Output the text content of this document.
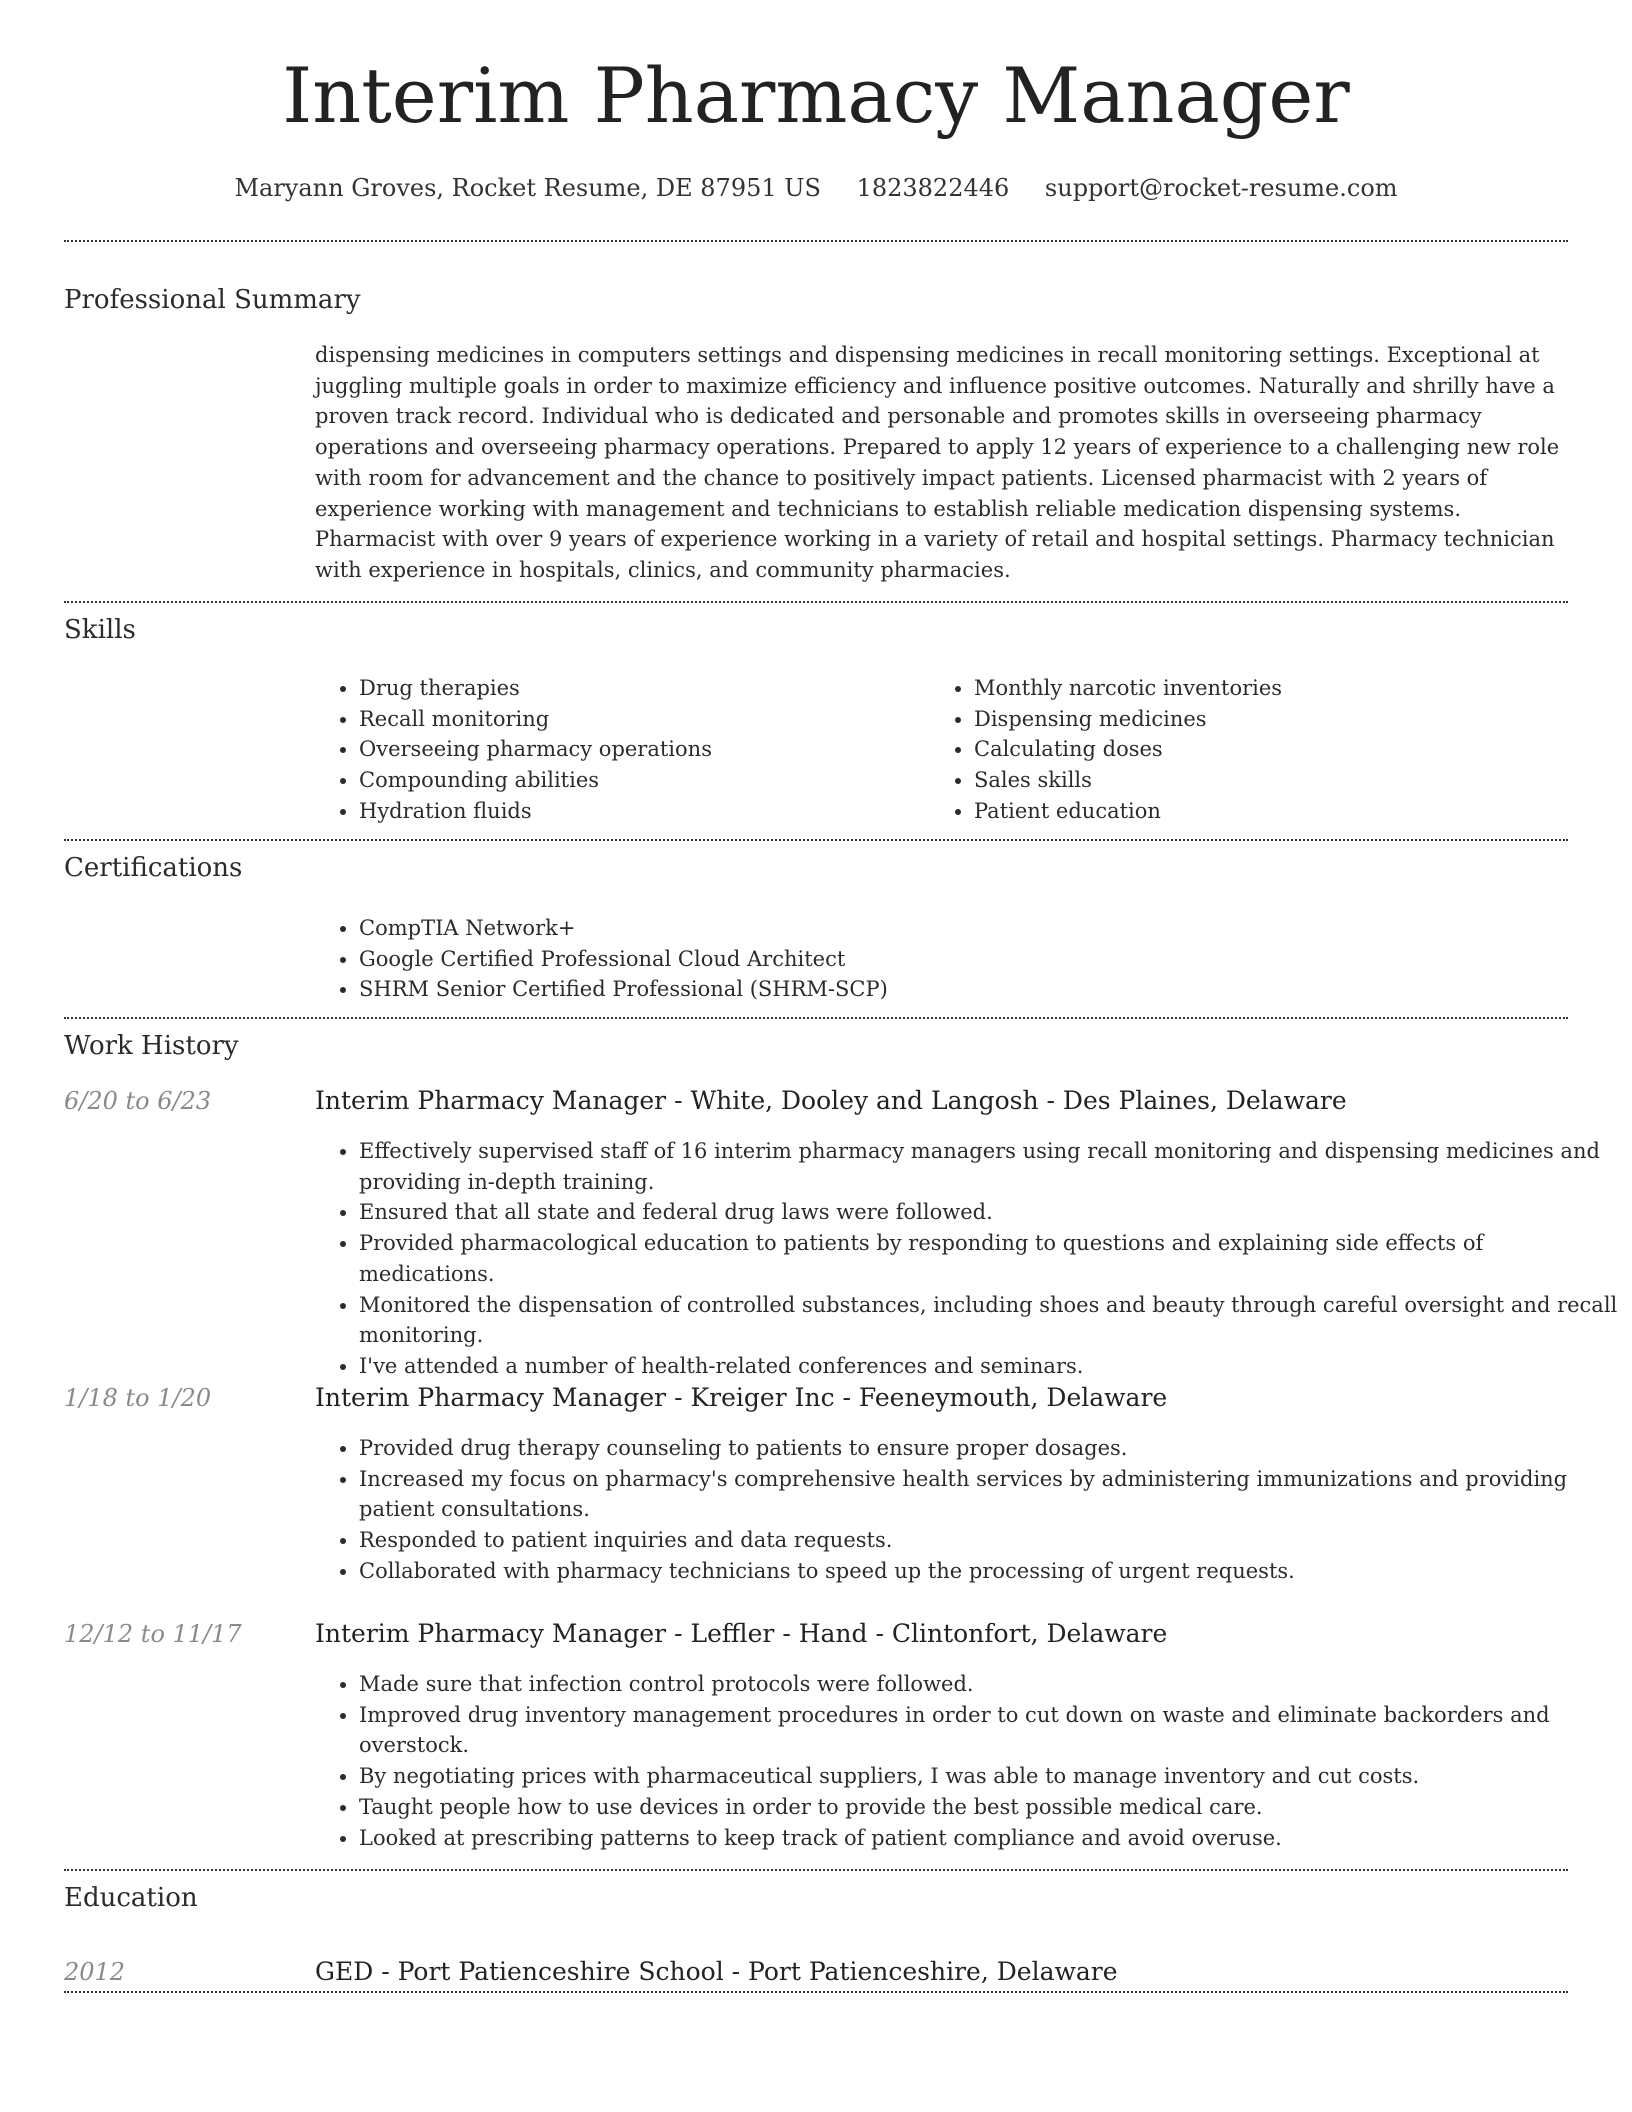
Interim Pharmacy Manager
Maryann Groves, Rocket Resume, DE 87951 US 1823822446 support@rocket-resume.com
Professional Summary

dispensing medicines in computers settings and dispensing medicines in recall monitoring settings. Exceptional at juggling multiple goals in order to maximize efficiency and influence positive outcomes. Naturally and shrilly have a proven track record. Individual who is dedicated and personable and promotes skills in overseeing pharmacy operations and overseeing pharmacy operations. Prepared to apply 12 years of experience to a challenging new role with room for advancement and the chance to positively impact patients. Licensed pharmacist with 2 years of experience working with management and technicians to establish reliable medication dispensing systems. Pharmacist with over 9 years of experience working in a variety of retail and hospital settings. Pharmacy technician with experience in hospitals, clinics, and community pharmacies.

Skills
• Drug therapies
• Recall monitoring
• Overseeing pharmacy operations
• Compounding abilities
• Hydration fluids
• Monthly narcotic inventories
• Dispensing medicines
• Calculating doses
• Sales skills
• Patient education
Certifications
• CompTIA Network+
• Google Certified Professional Cloud Architect
• SHRM Senior Certified Professional (SHRM-SCP)
Work History
6/20 to 6/23	Interim Pharmacy Manager - White, Dooley and Langosh - Des Plaines, Delaware
• Effectively supervised staff of 16 interim pharmacy managers using recall monitoring and dispensing medicines and providing in-depth training.
• Ensured that all state and federal drug laws were followed.
• Provided pharmacological education to patients by responding to questions and explaining side effects of medications.
• Monitored the dispensation of controlled substances, including shoes and beauty through careful oversight and recall monitoring.
• I've attended a number of health-related conferences and seminars.
1/18 to 1/20	Interim Pharmacy Manager - Kreiger Inc - Feeneymouth, Delaware
• Provided drug therapy counseling to patients to ensure proper dosages.
• Increased my focus on pharmacy's comprehensive health services by administering immunizations and providing patient consultations.
• Responded to patient inquiries and data requests.
• Collaborated with pharmacy technicians to speed up the processing of urgent requests.
12/12 to 11/17	Interim Pharmacy Manager - Leffler - Hand - Clintonfort, Delaware
• Made sure that infection control protocols were followed.
• Improved drug inventory management procedures in order to cut down on waste and eliminate backorders and overstock.
• By negotiating prices with pharmaceutical suppliers, I was able to manage inventory and cut costs.
• Taught people how to use devices in order to provide the best possible medical care.
• Looked at prescribing patterns to keep track of patient compliance and avoid overuse.
Education
2012	GED - Port Patienceshire School - Port Patienceshire, Delaware
